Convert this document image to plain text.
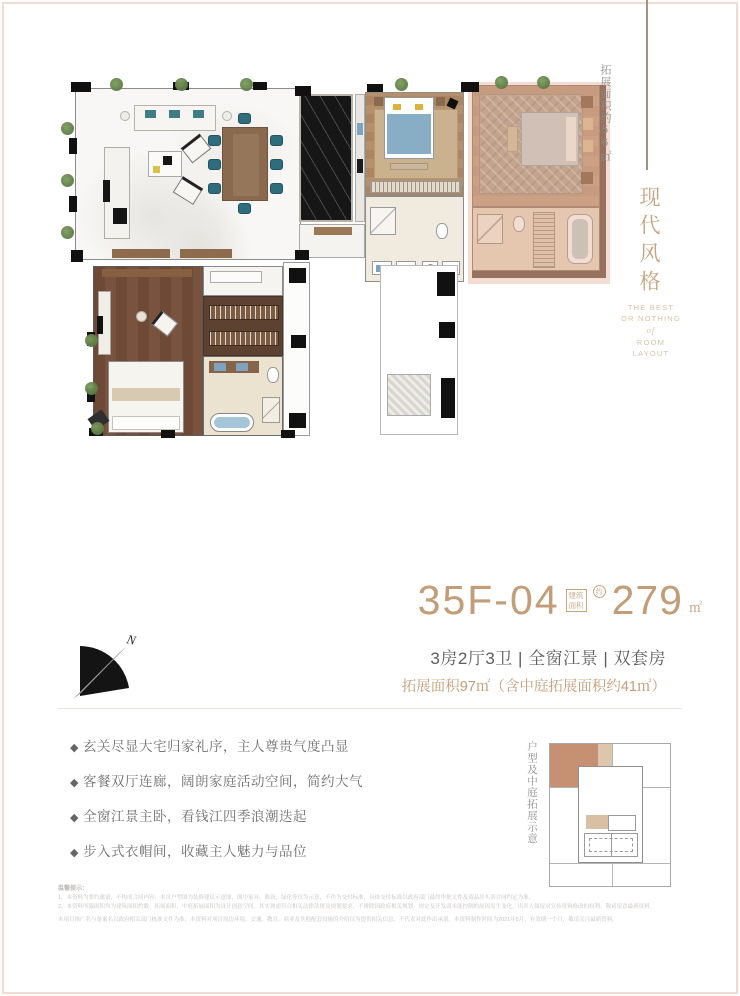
拓展面积约56㎡
现代风格
THE BEST
OR NOTHING
of
ROOM
LAYOUT
35F-04	建筑
面积
约 279 ㎡
3房2厅3卫 | 全窗江景 | 双套房
拓展面积97㎡（含中庭拓展面积约41㎡）
N
◆ 玄关尽显大宅归家礼序，主人尊贵气度凸显
◆ 客餐双厅连廊，阔朗家庭活动空间，简约大气
◆ 全窗江景主卧，看钱江四季浪潮迭起
◆ 步入式衣帽间，收藏主人魅力与品位
户型及中庭拓展示意
温馨提示：

1、本资料为要约邀请，不构成合同内容；本页户型图为装修建议示意图，图中家具、陈设、绿化等仅为示意，不作为交付标准，具体交付标准以政府部门最终审批文件及商品房买卖合同约定为准。

2、本资料所载面积均为建筑面积约数；拓展面积、中庭拓展面积为设计创意空间，其实现需符合相关法律法规及规划要求，不排除因政府相关规划、规定及开发商未能控制的原因发生变化，出卖人保留对宣传资料修改的权利，敬请留意最新资料。

本项目推广名与备案名以政府相关部门核准文件为准；本资料对项目周边环境、交通、教育、商业及其他配套设施的介绍仅为提供相关信息，不代表对此作出承诺。本资料制作时间为2021年5月，有效期一个月，敬请关注最新资料。
